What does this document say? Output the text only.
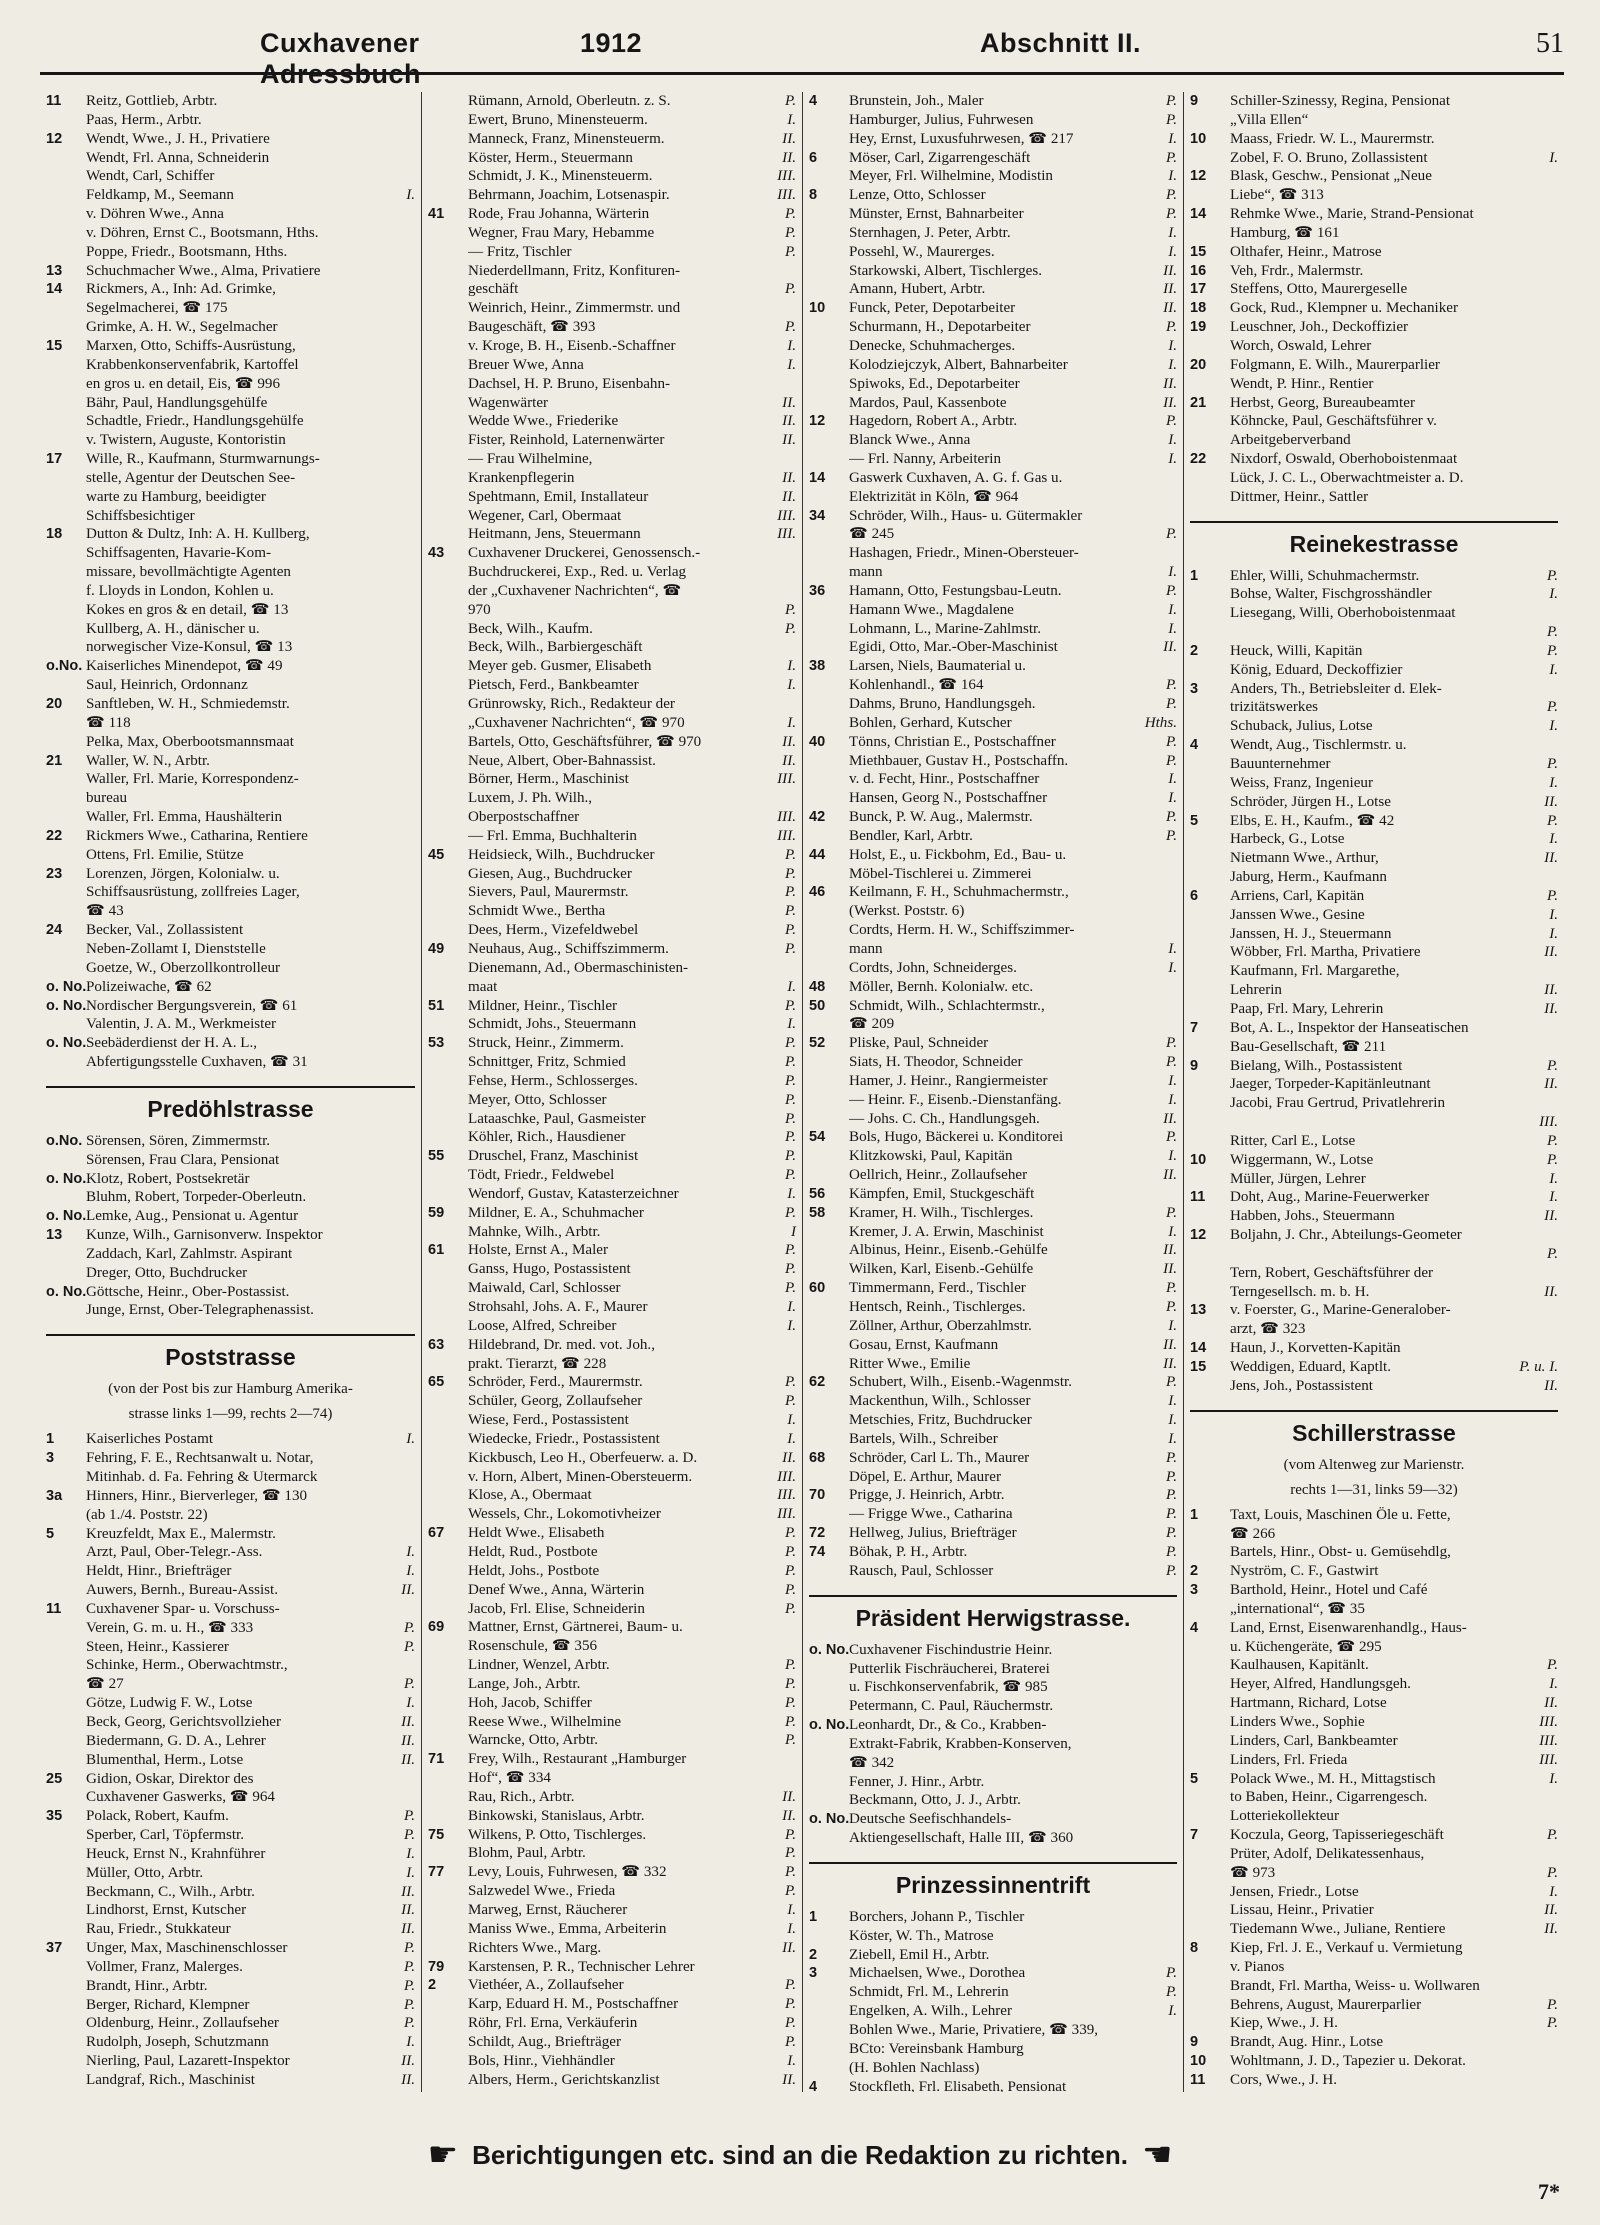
Cuxhavener Adressbuch
1912	Abschnitt II.	51
11	Reitz, Gottlieb, Arbtr.
Paas, Herm., Arbtr.
12	Wendt, Wwe., J. H., Privatiere
Wendt, Frl. Anna, Schneiderin
Wendt, Carl, Schiffer
Feldkamp, M., Seemann	I.
v. Döhren Wwe., Anna
v. Döhren, Ernst C., Bootsmann, Hths.
Poppe, Friedr., Bootsmann, Hths.
13	Schuchmacher Wwe., Alma, Privatiere
14	Rickmers, A., Inh: Ad. Grimke,
Segelmacherei, ☎ 175
Grimke, A. H. W., Segelmacher
15	Marxen, Otto, Schiffs-Ausrüstung,
Krabbenkonservenfabrik, Kartoffel
en gros u. en detail, Eis, ☎ 996
Bähr, Paul, Handlungsgehülfe
Schadtle, Friedr., Handlungsgehülfe
v. Twistern, Auguste, Kontoristin
17	Wille, R., Kaufmann, Sturmwarnungs-
stelle, Agentur der Deutschen See-
warte zu Hamburg, beeidigter
Schiffsbesichtiger
18	Dutton & Dultz, Inh: A. H. Kullberg,
Schiffsagenten, Havarie-Kom-
missare, bevollmächtigte Agenten
f. Lloyds in London, Kohlen u.
Kokes en gros & en detail, ☎ 13
Kullberg, A. H., dänischer u.
norwegischer Vize-Konsul, ☎ 13
o.No. Kaiserliches Minendepot, ☎ 49
Saul, Heinrich, Ordonnanz
20	Sanftleben, W. H., Schmiedemstr.
☎ 118
Pelka, Max, Oberbootsmannsmaat
21	Waller, W. N., Arbtr.
Waller, Frl. Marie, Korrespondenz-
bureau
Waller, Frl. Emma, Haushälterin
22	Rickmers Wwe., Catharina, Rentiere
Ottens, Frl. Emilie, Stütze
23	Lorenzen, Jörgen, Kolonialw. u.
Schiffsausrüstung, zollfreies Lager,
☎ 43
24	Becker, Val., Zollassistent
Neben-Zollamt I, Dienststelle
Goetze, W., Oberzollkontrolleur
o. No. Polizeiwache, ☎ 62
o. No. Nordischer Bergungsverein, ☎ 61
Valentin, J. A. M., Werkmeister
o. No. Seebäderdienst der H. A. L.,
Abfertigungsstelle Cuxhaven, ☎ 31
Predöhlstrasse
o.No. Sörensen, Sören, Zimmermstr.
Sörensen, Frau Clara, Pensionat
o. No. Klotz, Robert, Postsekretär
Bluhm, Robert, Torpeder-Oberleutn.
o. No. Lemke, Aug., Pensionat u. Agentur
13	Kunze, Wilh., Garnisonverw. Inspektor
Zaddach, Karl, Zahlmstr. Aspirant
Dreger, Otto, Buchdrucker
o. No. Göttsche, Heinr., Ober-Postassist.
Junge, Ernst, Ober-Telegraphenassist.
Poststrasse
(von der Post bis zur Hamburg Amerika-
strasse links 1—99, rechts 2—74)
1	Kaiserliches Postamt	I.
3	Fehring, F. E., Rechtsanwalt u. Notar,
Mitinhab. d. Fa. Fehring & Utermarck
3a	Hinners, Hinr., Bierverleger, ☎ 130
(ab 1./4. Poststr. 22)
5	Kreuzfeldt, Max E., Malermstr.
Arzt, Paul, Ober-Telegr.-Ass.	I.
Heldt, Hinr., Briefträger	I.
Auwers, Bernh., Bureau-Assist.	II.
11	Cuxhavener Spar- u. Vorschuss-
Verein, G. m. u. H., ☎ 333	P.
Steen, Heinr., Kassierer	P.
Schinke, Herm., Oberwachtmstr.,
☎ 27	P.
Götze, Ludwig F. W., Lotse	I.
Beck, Georg, Gerichtsvollzieher	II.
Biedermann, G. D. A., Lehrer	II.
Blumenthal, Herm., Lotse	II.
25	Gidion, Oskar, Direktor des
Cuxhavener Gaswerks, ☎ 964
35	Polack, Robert, Kaufm.	P.
Sperber, Carl, Töpfermstr.	P.
Heuck, Ernst N., Krahnführer	I.
Müller, Otto, Arbtr.	I.
Beckmann, C., Wilh., Arbtr.	II.
Lindhorst, Ernst, Kutscher	II.
Rau, Friedr., Stukkateur	II.
37	Unger, Max, Maschinenschlosser	P.
Vollmer, Franz, Malerges.	P.
Brandt, Hinr., Arbtr.	P.
Berger, Richard, Klempner	P.
Oldenburg, Heinr., Zollaufseher	P.
Rudolph, Joseph, Schutzmann	I.
Nierling, Paul, Lazarett-Inspektor	II.
Landgraf, Rich., Maschinist	II.
Rümann, Arnold, Oberleutn. z. S.	P.
Ewert, Bruno, Minensteuerm.	I.
Manneck, Franz, Minensteuerm.	II.
Köster, Herm., Steuermann	II.
Schmidt, J. K., Minensteuerm.	III.
Behrmann, Joachim, Lotsenaspir.	III.
41	Rode, Frau Johanna, Wärterin	P.
Wegner, Frau Mary, Hebamme	P.
— Fritz, Tischler	P.
Niederdellmann, Fritz, Konfituren-
geschäft	P.
Weinrich, Heinr., Zimmermstr. und
Baugeschäft, ☎ 393	P.
v. Kroge, B. H., Eisenb.-Schaffner	I.
Breuer Wwe, Anna	I.
Dachsel, H. P. Bruno, Eisenbahn-
Wagenwärter	II.
Wedde Wwe., Friederike	II.
Fister, Reinhold, Laternenwärter	II.
— Frau Wilhelmine,
Krankenpflegerin	II.
Spehtmann, Emil, Installateur	II.
Wegener, Carl, Obermaat	III.
Heitmann, Jens, Steuermann	III.
43	Cuxhavener Druckerei, Genossensch.-
Buchdruckerei, Exp., Red. u. Verlag
der „Cuxhavener Nachrichten“, ☎
970	P.
Beck, Wilh., Kaufm.	P.
Beck, Wilh., Barbiergeschäft
Meyer geb. Gusmer, Elisabeth	I.
Pietsch, Ferd., Bankbeamter	I.
Grünrowsky, Rich., Redakteur der
„Cuxhavener Nachrichten“, ☎ 970	I.
Bartels, Otto, Geschäftsführer, ☎ 970	II.
Neue, Albert, Ober-Bahnassist.	II.
Börner, Herm., Maschinist	III.
Luxem, J. Ph. Wilh.,
Oberpostschaffner	III.
— Frl. Emma, Buchhalterin	III.
45	Heidsieck, Wilh., Buchdrucker	P.
Giesen, Aug., Buchdrucker	P.
Sievers, Paul, Maurermstr.	P.
Schmidt Wwe., Bertha	P.
Dees, Herm., Vizefeldwebel	P.
49	Neuhaus, Aug., Schiffszimmerm.	P.
Dienemann, Ad., Obermaschinisten-
maat	I.
51	Mildner, Heinr., Tischler	P.
Schmidt, Johs., Steuermann	I.
53	Struck, Heinr., Zimmerm.	P.
Schnittger, Fritz, Schmied	P.
Fehse, Herm., Schlosserges.	P.
Meyer, Otto, Schlosser	P.
Lataaschke, Paul, Gasmeister	P.
Köhler, Rich., Hausdiener	P.
55	Druschel, Franz, Maschinist	P.
Tödt, Friedr., Feldwebel	P.
Wendorf, Gustav, Katasterzeichner	I.
59	Mildner, E. A., Schuhmacher	P.
Mahnke, Wilh., Arbtr.	I
61	Holste, Ernst A., Maler	P.
Ganss, Hugo, Postassistent	P.
Maiwald, Carl, Schlosser	P.
Strohsahl, Johs. A. F., Maurer	I.
Loose, Alfred, Schreiber	I.
63	Hildebrand, Dr. med. vot. Joh.,
prakt. Tierarzt, ☎ 228
65	Schröder, Ferd., Maurermstr.	P.
Schüler, Georg, Zollaufseher	P.
Wiese, Ferd., Postassistent	I.
Wiedecke, Friedr., Postassistent	I.
Kickbusch, Leo H., Oberfeuerw. a. D.	II.
v. Horn, Albert, Minen-Obersteuerm.	III.
Klose, A., Obermaat	III.
Wessels, Chr., Lokomotivheizer	III.
67	Heldt Wwe., Elisabeth	P.
Heldt, Rud., Postbote	P.
Heldt, Johs., Postbote	P.
Denef Wwe., Anna, Wärterin	P.
Jacob, Frl. Elise, Schneiderin	P.
69	Mattner, Ernst, Gärtnerei, Baum- u.
Rosenschule, ☎ 356
Lindner, Wenzel, Arbtr.	P.
Lange, Joh., Arbtr.	P.
Hoh, Jacob, Schiffer	P.
Reese Wwe., Wilhelmine	P.
Warncke, Otto, Arbtr.	P.
71	Frey, Wilh., Restaurant „Hamburger
Hof“, ☎ 334
Rau, Rich., Arbtr.	II.
Binkowski, Stanislaus, Arbtr.	II.
75	Wilkens, P. Otto, Tischlerges.	P.
Blohm, Paul, Arbtr.	P.
77	Levy, Louis, Fuhrwesen, ☎ 332	P.
Salzwedel Wwe., Frieda	P.
Marweg, Ernst, Räucherer	I.
Maniss Wwe., Emma, Arbeiterin	I.
Richters Wwe., Marg.	II.
79	Karstensen, P. R., Technischer Lehrer
2	Viethéer, A., Zollaufseher	P.
Karp, Eduard H. M., Postschaffner	P.
Röhr, Frl. Erna, Verkäuferin	P.
Schildt, Aug., Briefträger	P.
Bols, Hinr., Viehhändler	I.
Albers, Herm., Gerichtskanzlist	II.
4	Brunstein, Joh., Maler	P.
Hamburger, Julius, Fuhrwesen	P.
Hey, Ernst, Luxusfuhrwesen, ☎ 217	I.
6	Möser, Carl, Zigarrengeschäft	P.
Meyer, Frl. Wilhelmine, Modistin	I.
8	Lenze, Otto, Schlosser	P.
Münster, Ernst, Bahnarbeiter	P.
Sternhagen, J. Peter, Arbtr.	I.
Possehl, W., Maurerges.	I.
Starkowski, Albert, Tischlerges.	II.
Amann, Hubert, Arbtr.	II.
10	Funck, Peter, Depotarbeiter	II.
Schurmann, H., Depotarbeiter	P.
Denecke, Schuhmacherges.	I.
Kolodziejczyk, Albert, Bahnarbeiter	I.
Spiwoks, Ed., Depotarbeiter	II.
Mardos, Paul, Kassenbote	II.
12	Hagedorn, Robert A., Arbtr.	P.
Blanck Wwe., Anna	I.
— Frl. Nanny, Arbeiterin	I.
14	Gaswerk Cuxhaven, A. G. f. Gas u.
Elektrizität in Köln, ☎ 964
34	Schröder, Wilh., Haus- u. Gütermakler
☎ 245	P.
Hashagen, Friedr., Minen-Obersteuer-
mann	I.
36	Hamann, Otto, Festungsbau-Leutn.	P.
Hamann Wwe., Magdalene	I.
Lohmann, L., Marine-Zahlmstr.	I.
Egidi, Otto, Mar.-Ober-Maschinist	II.
38	Larsen, Niels, Baumaterial u.
Kohlenhandl., ☎ 164	P.
Dahms, Bruno, Handlungsgeh.	P.
Bohlen, Gerhard, Kutscher	Hths.
40	Tönns, Christian E., Postschaffner	P.
Miethbauer, Gustav H., Postschaffn.	P.
v. d. Fecht, Hinr., Postschaffner	I.
Hansen, Georg N., Postschaffner	I.
42	Bunck, P. W. Aug., Malermstr.	P.
Bendler, Karl, Arbtr.	P.
44	Holst, E., u. Fickbohm, Ed., Bau- u.
Möbel-Tischlerei u. Zimmerei
46	Keilmann, F. H., Schuhmachermstr.,
(Werkst. Poststr. 6)
Cordts, Herm. H. W., Schiffszimmer-
mann	I.
Cordts, John, Schneiderges.	I.
48	Möller, Bernh. Kolonialw. etc.
50	Schmidt, Wilh., Schlachtermstr.,
☎ 209
52	Pliske, Paul, Schneider	P.
Siats, H. Theodor, Schneider	P.
Hamer, J. Heinr., Rangiermeister	I.
— Heinr. F., Eisenb.-Dienstanfäng.	I.
— Johs. C. Ch., Handlungsgeh.	II.
54	Bols, Hugo, Bäckerei u. Konditorei	P.
Klitzkowski, Paul, Kapitän	I.
Oellrich, Heinr., Zollaufseher	II.
56	Kämpfen, Emil, Stuckgeschäft
58	Kramer, H. Wilh., Tischlerges.	P.
Kremer, J. A. Erwin, Maschinist	I.
Albinus, Heinr., Eisenb.-Gehülfe	II.
Wilken, Karl, Eisenb.-Gehülfe	II.
60	Timmermann, Ferd., Tischler	P.
Hentsch, Reinh., Tischlerges.	P.
Zöllner, Arthur, Oberzahlmstr.	I.
Gosau, Ernst, Kaufmann	II.
Ritter Wwe., Emilie	II.
62	Schubert, Wilh., Eisenb.-Wagenmstr.	P.
Mackenthun, Wilh., Schlosser	I.
Metschies, Fritz, Buchdrucker	I.
Bartels, Wilh., Schreiber	I.
68	Schröder, Carl L. Th., Maurer	P.
Döpel, E. Arthur, Maurer	P.
70	Prigge, J. Heinrich, Arbtr.	P.
— Frigge Wwe., Catharina	P.
72	Hellweg, Julius, Briefträger	P.
74	Böhak, P. H., Arbtr.	P.
Rausch, Paul, Schlosser	P.
Präsident Herwigstrasse.
o. No. Cuxhavener Fischindustrie Heinr.
Putterlik Fischräucherei, Braterei
u. Fischkonservenfabrik, ☎ 985
Petermann, C. Paul, Räuchermstr.
o. No. Leonhardt, Dr., & Co., Krabben-
Extrakt-Fabrik, Krabben-Konserven,
☎ 342
Fenner, J. Hinr., Arbtr.
Beckmann, Otto, J. J., Arbtr.
o. No. Deutsche Seefischhandels-
Aktiengesellschaft, Halle III, ☎ 360
Prinzessinnentrift
1	Borchers, Johann P., Tischler
Köster, W. Th., Matrose
2	Ziebell, Emil H., Arbtr.
3	Michaelsen, Wwe., Dorothea	P.
Schmidt, Frl. M., Lehrerin	P.
Engelken, A. Wilh., Lehrer	I.
Bohlen Wwe., Marie, Privatiere, ☎ 339,
BCto: Vereinsbank Hamburg
(H. Bohlen Nachlass)
4	Stockfleth, Frl. Elisabeth, Pensionat
9	Schiller-Szinessy, Regina, Pensionat
„Villa Ellen“
10	Maass, Friedr. W. L., Maurermstr.
Zobel, F. O. Bruno, Zollassistent	I.
12	Blask, Geschw., Pensionat „Neue
Liebe“, ☎ 313
14	Rehmke Wwe., Marie, Strand-Pensionat
Hamburg, ☎ 161
15	Olthafer, Heinr., Matrose
16	Veh, Frdr., Malermstr.
17	Steffens, Otto, Maurergeselle
18	Gock, Rud., Klempner u. Mechaniker
19	Leuschner, Joh., Deckoffizier
Worch, Oswald, Lehrer
20	Folgmann, E. Wilh., Maurerparlier
Wendt, P. Hinr., Rentier
21	Herbst, Georg, Bureaubeamter
Köhncke, Paul, Geschäftsführer v.
Arbeitgeberverband
22	Nixdorf, Oswald, Oberhoboistenmaat
Lück, J. C. L., Oberwachtmeister a. D.
Dittmer, Heinr., Sattler
Reinekestrasse
1	Ehler, Willi, Schuhmachermstr.	P.
Bohse, Walter, Fischgrosshändler	I.
Liesegang, Willi, Oberhoboistenmaat
P.
2	Heuck, Willi, Kapitän	P.
König, Eduard, Deckoffizier	I.
3	Anders, Th., Betriebsleiter d. Elek-
trizitätswerkes	P.
Schuback, Julius, Lotse	I.
4	Wendt, Aug., Tischlermstr. u.
Bauunternehmer	P.
Weiss, Franz, Ingenieur	I.
Schröder, Jürgen H., Lotse	II.
5	Elbs, E. H., Kaufm., ☎ 42	P.
Harbeck, G., Lotse	I.
Nietmann Wwe., Arthur,	II.
Jaburg, Herm., Kaufmann
6	Arriens, Carl, Kapitän	P.
Janssen Wwe., Gesine	I.
Janssen, H. J., Steuermann	I.
Wöbber, Frl. Martha, Privatiere	II.
Kaufmann, Frl. Margarethe,
Lehrerin	II.
Paap, Frl. Mary, Lehrerin	II.
7	Bot, A. L., Inspektor der Hanseatischen
Bau-Gesellschaft, ☎ 211
9	Bielang, Wilh., Postassistent	P.
Jaeger, Torpeder-Kapitänleutnant	II.
Jacobi, Frau Gertrud, Privatlehrerin
III.
Ritter, Carl E., Lotse	P.
10	Wiggermann, W., Lotse	P.
Müller, Jürgen, Lehrer	I.
11	Doht, Aug., Marine-Feuerwerker	I.
Habben, Johs., Steuermann	II.
12	Boljahn, J. Chr., Abteilungs-Geometer
P.
Tern, Robert, Geschäftsführer der
Terngesellsch. m. b. H.	II.
13	v. Foerster, G., Marine-Generalober-
arzt, ☎ 323
14	Haun, J., Korvetten-Kapitän
15	Weddigen, Eduard, Kaptlt.	P. u. I.
Jens, Joh., Postassistent	II.
Schillerstrasse
(vom Altenweg zur Marienstr.
rechts 1—31, links 59—32)
1	Taxt, Louis, Maschinen Öle u. Fette,
☎ 266
Bartels, Hinr., Obst- u. Gemüsehdlg,
2	Nyström, C. F., Gastwirt
3	Barthold, Heinr., Hotel und Café
„international“, ☎ 35
4	Land, Ernst, Eisenwarenhandlg., Haus-
u. Küchengeräte, ☎ 295
Kaulhausen, Kapitänlt.	P.
Heyer, Alfred, Handlungsgeh.	I.
Hartmann, Richard, Lotse	II.
Linders Wwe., Sophie	III.
Linders, Carl, Bankbeamter	III.
Linders, Frl. Frieda	III.
5	Polack Wwe., M. H., Mittagstisch	I.
to Baben, Heinr., Cigarrengesch.
Lotteriekollekteur
7	Koczula, Georg, Tapisseriegeschäft	P.
Prüter, Adolf, Delikatessenhaus,
☎ 973	P.
Jensen, Friedr., Lotse	I.
Lissau, Heinr., Privatier	II.
Tiedemann Wwe., Juliane, Rentiere	II.
8	Kiep, Frl. J. E., Verkauf u. Vermietung
v. Pianos
Brandt, Frl. Martha, Weiss- u. Wollwaren
Behrens, August, Maurerparlier	P.
Kiep, Wwe., J. H.	P.
9	Brandt, Aug. Hinr., Lotse
10	Wohltmann, J. D., Tapezier u. Dekorat.
11	Cors, Wwe., J. H.
☛ Berichtigungen etc. sind an die Redaktion zu richten. ☚
7*
